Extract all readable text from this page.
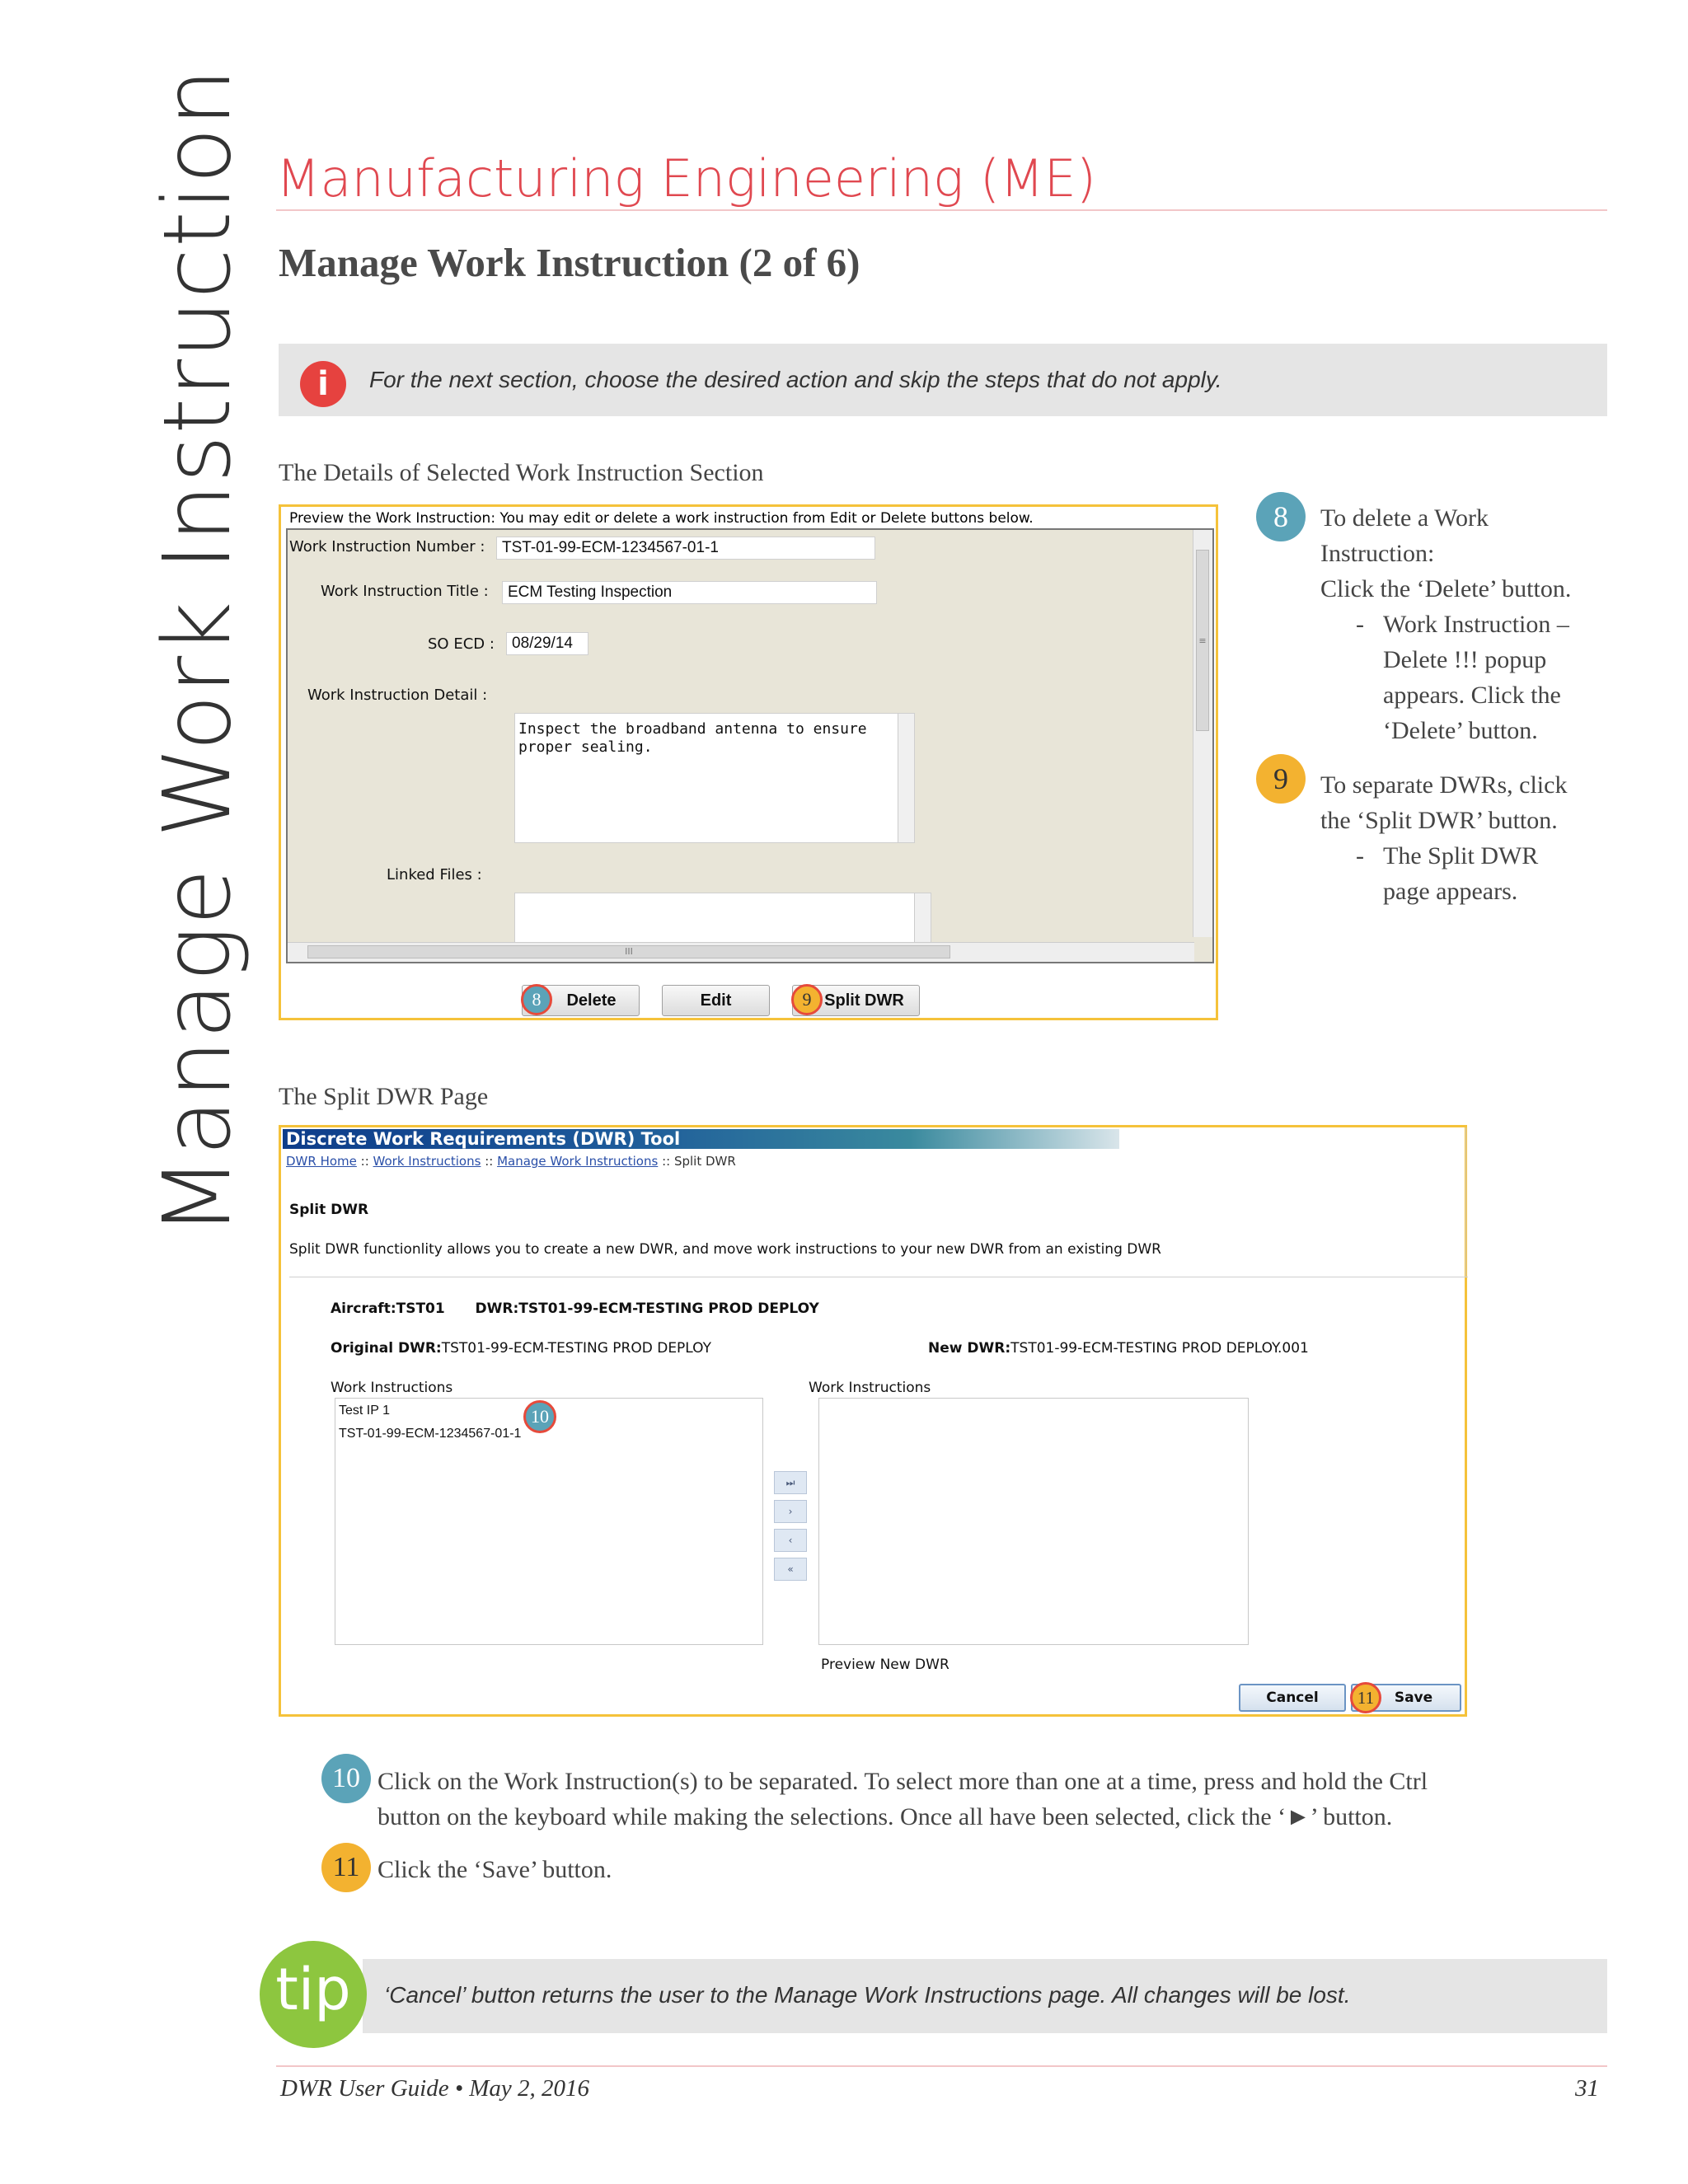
Manage Work Instruction Manufacturing Engineering (ME)
Manage Work Instruction (2 of 6)
i	For the next section, choose the desired action and skip the steps that do not apply.
The Details of Selected Work Instruction Section
Preview the Work Instruction: You may edit or delete a work instruction from Edit or Delete buttons below.
Work Instruction Number :	TST-01-99-ECM-1234567-01-1
Work Instruction Title :	ECM Testing Inspection
SO ECD :	08/29/14
Work Instruction Detail :
Inspect the broadband antenna to ensure proper sealing.
Linked Files :
≡
III
Delete
8	Edit	Split DWR
9
8	To delete a Work
Instruction:
Click the ‘Delete’ button.
- Work Instruction – Delete !!! popup appears. Click the ‘Delete’ button.
9	To separate DWRs, click
the ‘Split DWR’ button.
- The Split DWR page appears.
The Split DWR Page
Discrete Work Requirements (DWR) Tool
DWR Home :: Work Instructions :: Manage Work Instructions :: Split DWR
Split DWR
Split DWR functionlity allows you to create a new DWR, and move work instructions to your new DWR from an existing DWR
Aircraft:TST01 DWR:TST01-99-ECM-TESTING PROD DEPLOY
Original DWR:TST01-99-ECM-TESTING PROD DEPLOY	New DWR:TST01-99-ECM-TESTING PROD DEPLOY.001
Work Instructions
Test IP 1
TST-01-99-ECM-1234567-01-1
10
⏭
›
‹
«
Work Instructions
Preview New DWR
Cancel	Save
11
10 Click on the Work Instruction(s) to be separated. To select more than one at a time, press and hold the Ctrl
button on the keyboard while making the selections. Once all have been selected, click the ‘►’ button.
11 Click the ‘Save’ button.
‘Cancel’ button returns the user to the Manage Work Instructions page. All changes will be lost.
tip
DWR User Guide • May 2, 2016	31
